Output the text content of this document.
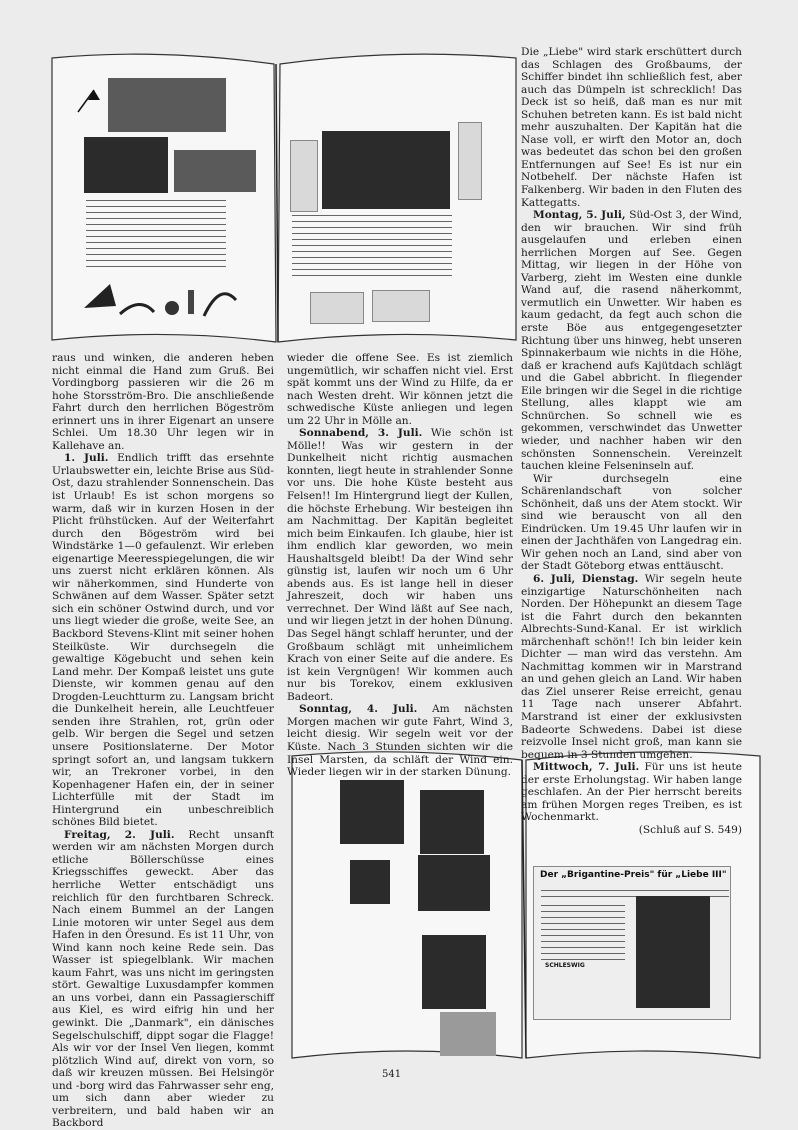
Der „Brigantine-Preis" für „Liebe III"
SCHLESWIG

raus und winken, die anderen heben nicht einmal die Hand zum Gruß. Bei Vordingborg passieren wir die 26 m hohe Storsström-Bro. Die anschließende Fahrt durch den herrlichen Bögeström erinnert uns in ihrer Eigenart an unsere Schlei. Um 18.30 Uhr legen wir in Kallehave an.

1. Juli. Endlich trifft das ersehnte Urlaubswetter ein, leichte Brise aus Süd-Ost, dazu strahlender Sonnenschein. Das ist Urlaub! Es ist schon morgens so warm, daß wir in kurzen Hosen in der Plicht frühstücken. Auf der Weiterfahrt durch den Bögeström wird bei Windstärke 1—0 gefaulenzt. Wir erleben eigenartige Meeresspiegelungen, die wir uns zuerst nicht erklären können. Als wir näherkommen, sind Hunderte von Schwänen auf dem Wasser. Später setzt sich ein schöner Ostwind durch, und vor uns liegt wieder die große, weite See, an Backbord Stevens-Klint mit seiner hohen Steilküste. Wir durchsegeln die gewaltige Kögebucht und sehen kein Land mehr. Der Kompaß leistet uns gute Dienste, wir kommen genau auf den Drogden-Leuchtturm zu. Langsam bricht die Dunkelheit herein, alle Leuchtfeuer senden ihre Strahlen, rot, grün oder gelb. Wir bergen die Segel und setzen unsere Positionslaterne. Der Motor springt sofort an, und langsam tukkern wir, an Trekroner vorbei, in den Kopenhagener Hafen ein, der in seiner Lichterfülle mit der Stadt im Hintergrund ein unbeschreiblich schönes Bild bietet.

Freitag, 2. Juli. Recht unsanft werden wir am nächsten Morgen durch etliche Böllerschüsse eines Kriegsschiffes geweckt. Aber das herrliche Wetter entschädigt uns reichlich für den furchtbaren Schreck. Nach einem Bummel an der Langen Linie motoren wir unter Segel aus dem Hafen in den Öresund. Es ist 11 Uhr, von Wind kann noch keine Rede sein. Das Wasser ist spiegelblank. Wir machen kaum Fahrt, was uns nicht im geringsten stört. Gewaltige Luxusdampfer kommen an uns vorbei, dann ein Passagierschiff aus Kiel, es wird eifrig hin und her gewinkt. Die „Danmark", ein dänisches Segelschulschiff, dippt sogar die Flagge! Als wir vor der Insel Ven liegen, kommt plötzlich Wind auf, direkt von vorn, so daß wir kreuzen müssen. Bei Helsingör und -borg wird das Fahrwasser sehr eng, um sich dann aber wieder zu verbreitern, und bald haben wir an Backbord

wieder die offene See. Es ist ziemlich ungemütlich, wir schaffen nicht viel. Erst spät kommt uns der Wind zu Hilfe, da er nach Westen dreht. Wir können jetzt die schwedische Küste anliegen und legen um 22 Uhr in Mölle an.

Sonnabend, 3. Juli. Wie schön ist Mölle!! Was wir gestern in der Dunkelheit nicht richtig ausmachen konnten, liegt heute in strahlender Sonne vor uns. Die hohe Küste besteht aus Felsen!! Im Hintergrund liegt der Kullen, die höchste Erhebung. Wir besteigen ihn am Nachmittag. Der Kapitän begleitet mich beim Einkaufen. Ich glaube, hier ist ihm endlich klar geworden, wo mein Haushaltsgeld bleibt! Da der Wind sehr günstig ist, laufen wir noch um 6 Uhr abends aus. Es ist lange hell in dieser Jahreszeit, doch wir haben uns verrechnet. Der Wind läßt auf See nach, und wir liegen jetzt in der hohen Dünung. Das Segel hängt schlaff herunter, und der Großbaum schlägt mit unheimlichem Krach von einer Seite auf die andere. Es ist kein Vergnügen! Wir kommen auch nur bis Torekov, einem exklusiven Badeort.

Sonntag, 4. Juli. Am nächsten Morgen machen wir gute Fahrt, Wind 3, leicht diesig. Wir segeln weit vor der Küste. Nach 3 Stunden sichten wir die Insel Marsten, da schläft der Wind ein. Wieder liegen wir in der starken Dünung.

Die „Liebe" wird stark erschüttert durch das Schlagen des Großbaums, der Schiffer bindet ihn schließlich fest, aber auch das Dümpeln ist schrecklich! Das Deck ist so heiß, daß man es nur mit Schuhen betreten kann. Es ist bald nicht mehr auszuhalten. Der Kapitän hat die Nase voll, er wirft den Motor an, doch was bedeutet das schon bei den großen Entfernungen auf See! Es ist nur ein Notbehelf. Der nächste Hafen ist Falkenberg. Wir baden in den Fluten des Kattegatts.

Montag, 5. Juli, Süd-Ost 3, der Wind, den wir brauchen. Wir sind früh ausgelaufen und erleben einen herrlichen Morgen auf See. Gegen Mittag, wir liegen in der Höhe von Varberg, zieht im Westen eine dunkle Wand auf, die rasend näherkommt, vermutlich ein Unwetter. Wir haben es kaum gedacht, da fegt auch schon die erste Böe aus entgegengesetzter Richtung über uns hinweg, hebt unseren Spinnakerbaum wie nichts in die Höhe, daß er krachend aufs Kajütdach schlägt und die Gabel abbricht. In fliegender Eile bringen wir die Segel in die richtige Stellung, alles klappt wie am Schnürchen. So schnell wie es gekommen, verschwindet das Unwetter wieder, und nachher haben wir den schönsten Sonnenschein. Vereinzelt tauchen kleine Felseninseln auf.

Wir durchsegeln eine Schärenlandschaft von solcher Schönheit, daß uns der Atem stockt. Wir sind wie berauscht von all den Eindrücken. Um 19.45 Uhr laufen wir in einen der Jachthäfen von Langedrag ein. Wir gehen noch an Land, sind aber von der Stadt Göteborg etwas enttäuscht.

6. Juli, Dienstag. Wir segeln heute einzigartige Naturschönheiten nach Norden. Der Höhepunkt an diesem Tage ist die Fahrt durch den bekannten Albrechts-Sund-Kanal. Er ist wirklich märchenhaft schön!! Ich bin leider kein Dichter — man wird das verstehn. Am Nachmittag kommen wir in Marstrand an und gehen gleich an Land. Wir haben das Ziel unserer Reise erreicht, genau 11 Tage nach unserer Abfahrt. Marstrand ist einer der exklusivsten Badeorte Schwedens. Dabei ist diese reizvolle Insel nicht groß, man kann sie bequem in 3 Stunden umgehen.

Mittwoch, 7. Juli. Für uns ist heute der erste Erholungstag. Wir haben lange geschlafen. An der Pier herrscht bereits am frühen Morgen reges Treiben, es ist Wochenmarkt.
(Schluß auf S. 549)

541
